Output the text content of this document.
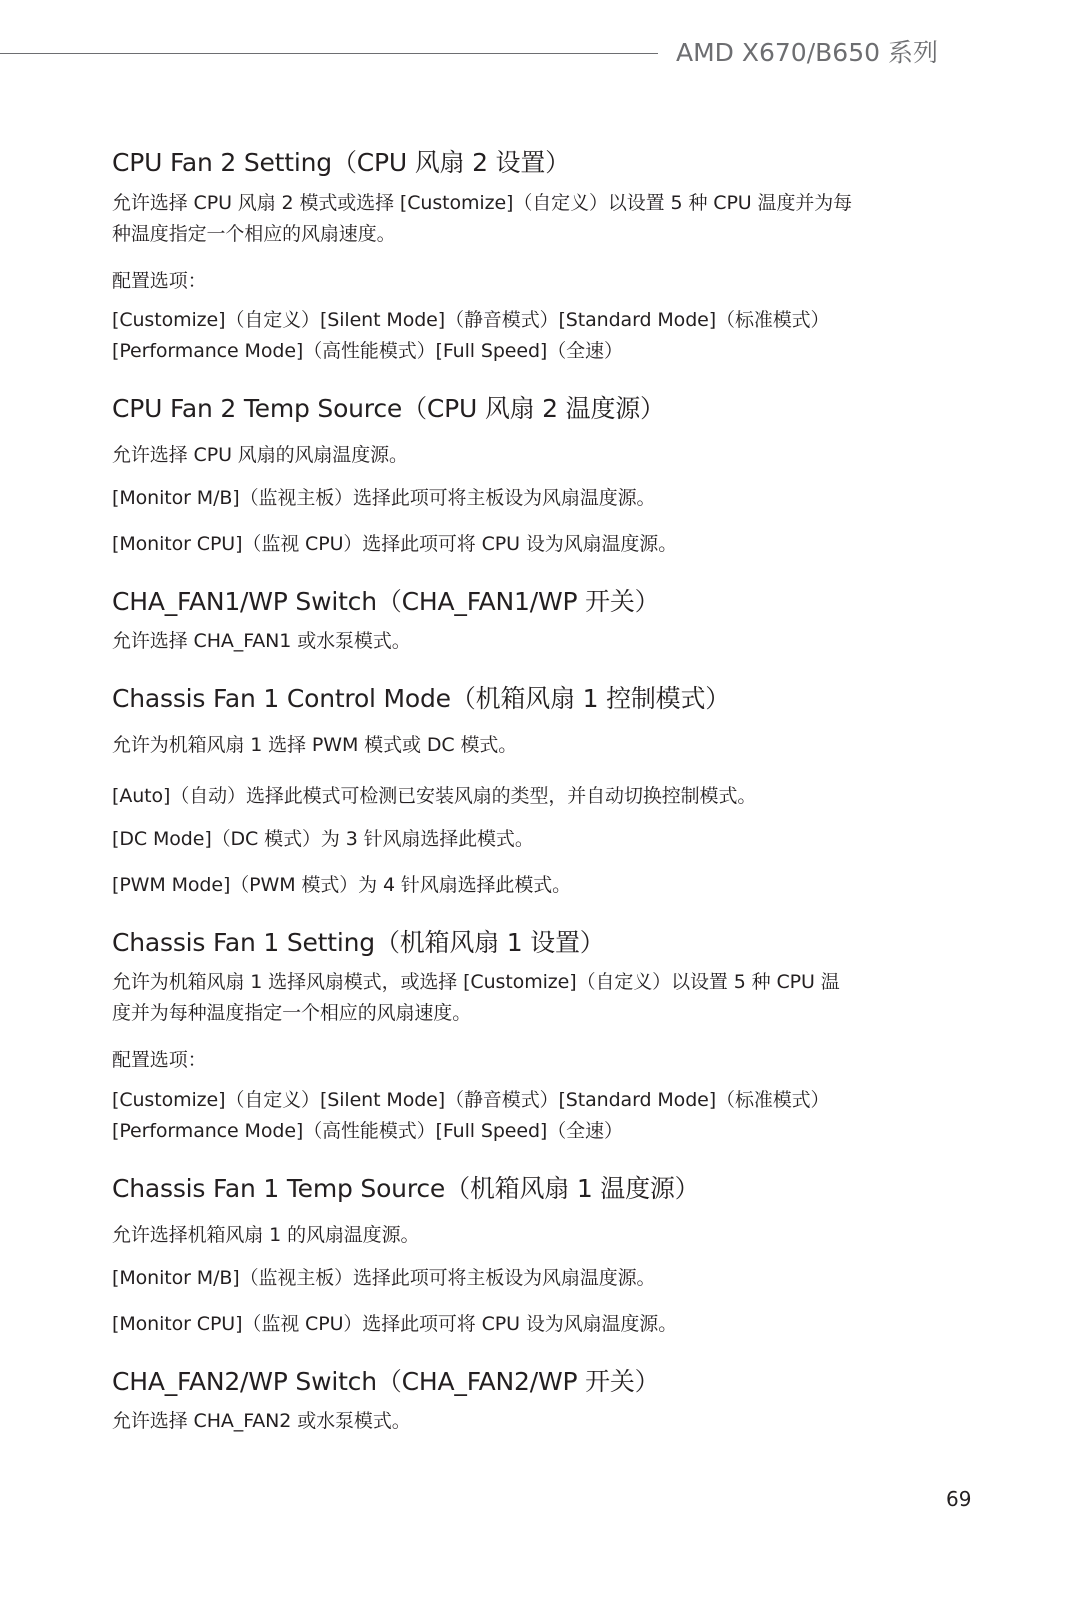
AMD X670/B650 系列
CPU Fan 2 Setting（CPU 风扇 2 设置）
允许选择 CPU 风扇 2 模式或选择 [Customize]（自定义）以设置 5 种 CPU 温度并为每
种温度指定一个相应的风扇速度。
配置选项：
[Customize]（自定义）[Silent Mode]（静音模式）[Standard Mode]（标准模式）
[Performance Mode]（高性能模式）[Full Speed]（全速）
CPU Fan 2 Temp Source（CPU 风扇 2 温度源）
允许选择 CPU 风扇的风扇温度源。
[Monitor M/B]（监视主板）选择此项可将主板设为风扇温度源。
[Monitor CPU]（监视 CPU）选择此项可将 CPU 设为风扇温度源。
CHA_FAN1/WP Switch（CHA_FAN1/WP 开关）
允许选择 CHA_FAN1 或水泵模式。
Chassis Fan 1 Control Mode（机箱风扇 1 控制模式）
允许为机箱风扇 1 选择 PWM 模式或 DC 模式。
[Auto]（自动）选择此模式可检测已安装风扇的类型，并自动切换控制模式。
[DC Mode]（DC 模式）为 3 针风扇选择此模式。
[PWM Mode]（PWM 模式）为 4 针风扇选择此模式。
Chassis Fan 1 Setting（机箱风扇 1 设置）
允许为机箱风扇 1 选择风扇模式，或选择 [Customize]（自定义）以设置 5 种 CPU 温
度并为每种温度指定一个相应的风扇速度。
配置选项：
[Customize]（自定义）[Silent Mode]（静音模式）[Standard Mode]（标准模式）
[Performance Mode]（高性能模式）[Full Speed]（全速）
Chassis Fan 1 Temp Source（机箱风扇 1 温度源）
允许选择机箱风扇 1 的风扇温度源。
[Monitor M/B]（监视主板）选择此项可将主板设为风扇温度源。
[Monitor CPU]（监视 CPU）选择此项可将 CPU 设为风扇温度源。
CHA_FAN2/WP Switch（CHA_FAN2/WP 开关）
允许选择 CHA_FAN2 或水泵模式。
69
